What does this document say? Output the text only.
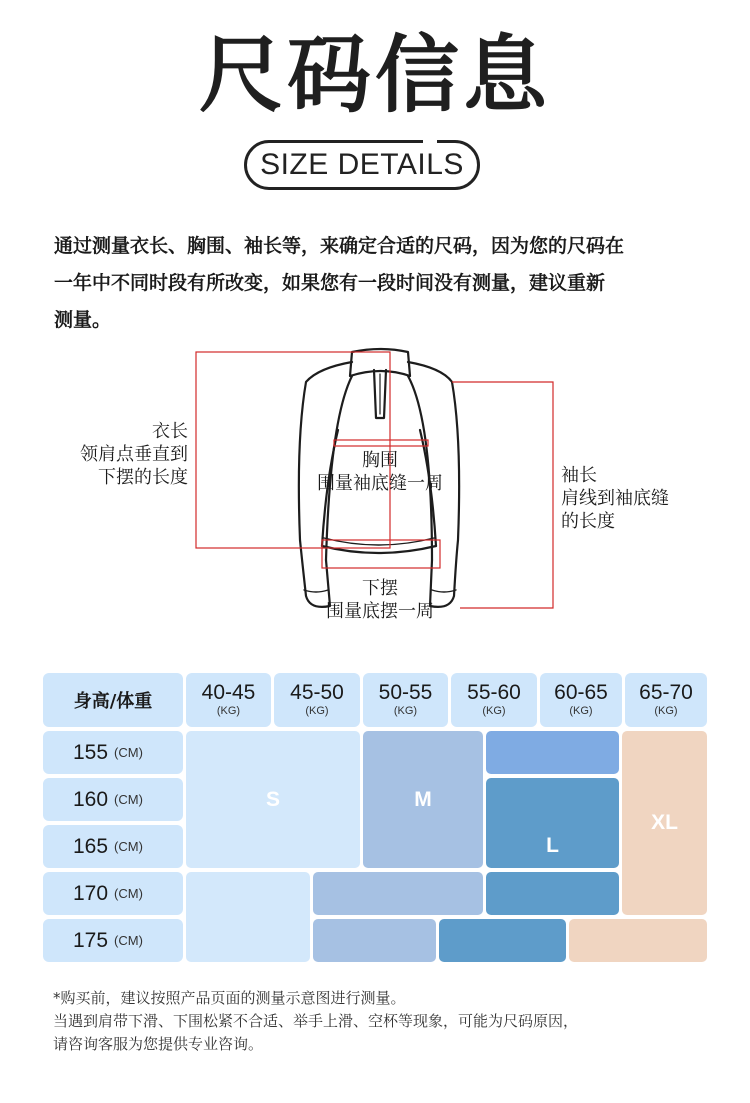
尺码信息
SIZE DETAILS
通过测量衣长、胸围、袖长等，来确定合适的尺码，因为您的尺码在
一年中不同时段有所改变，如果您有一段时间没有测量，建议重新
测量。
衣长
领肩点垂直到
下摆的长度
胸围
围量袖底缝一周
下摆
围量底摆一周
袖长
肩线到袖底缝
的长度
身高/体重 40-45
(KG)
45-50
(KG)
50-55
(KG)
55-60
(KG)
60-65
(KG)
65-70
(KG)
155 (CM)
160 (CM)
165 (CM)
170 (CM)
175 (CM)
S	M
L
XL
*购买前，建议按照产品页面的测量示意图进行测量。
当遇到肩带下滑、下围松紧不合适、举手上滑、空杯等现象，可能为尺码原因，
请咨询客服为您提供专业咨询。
